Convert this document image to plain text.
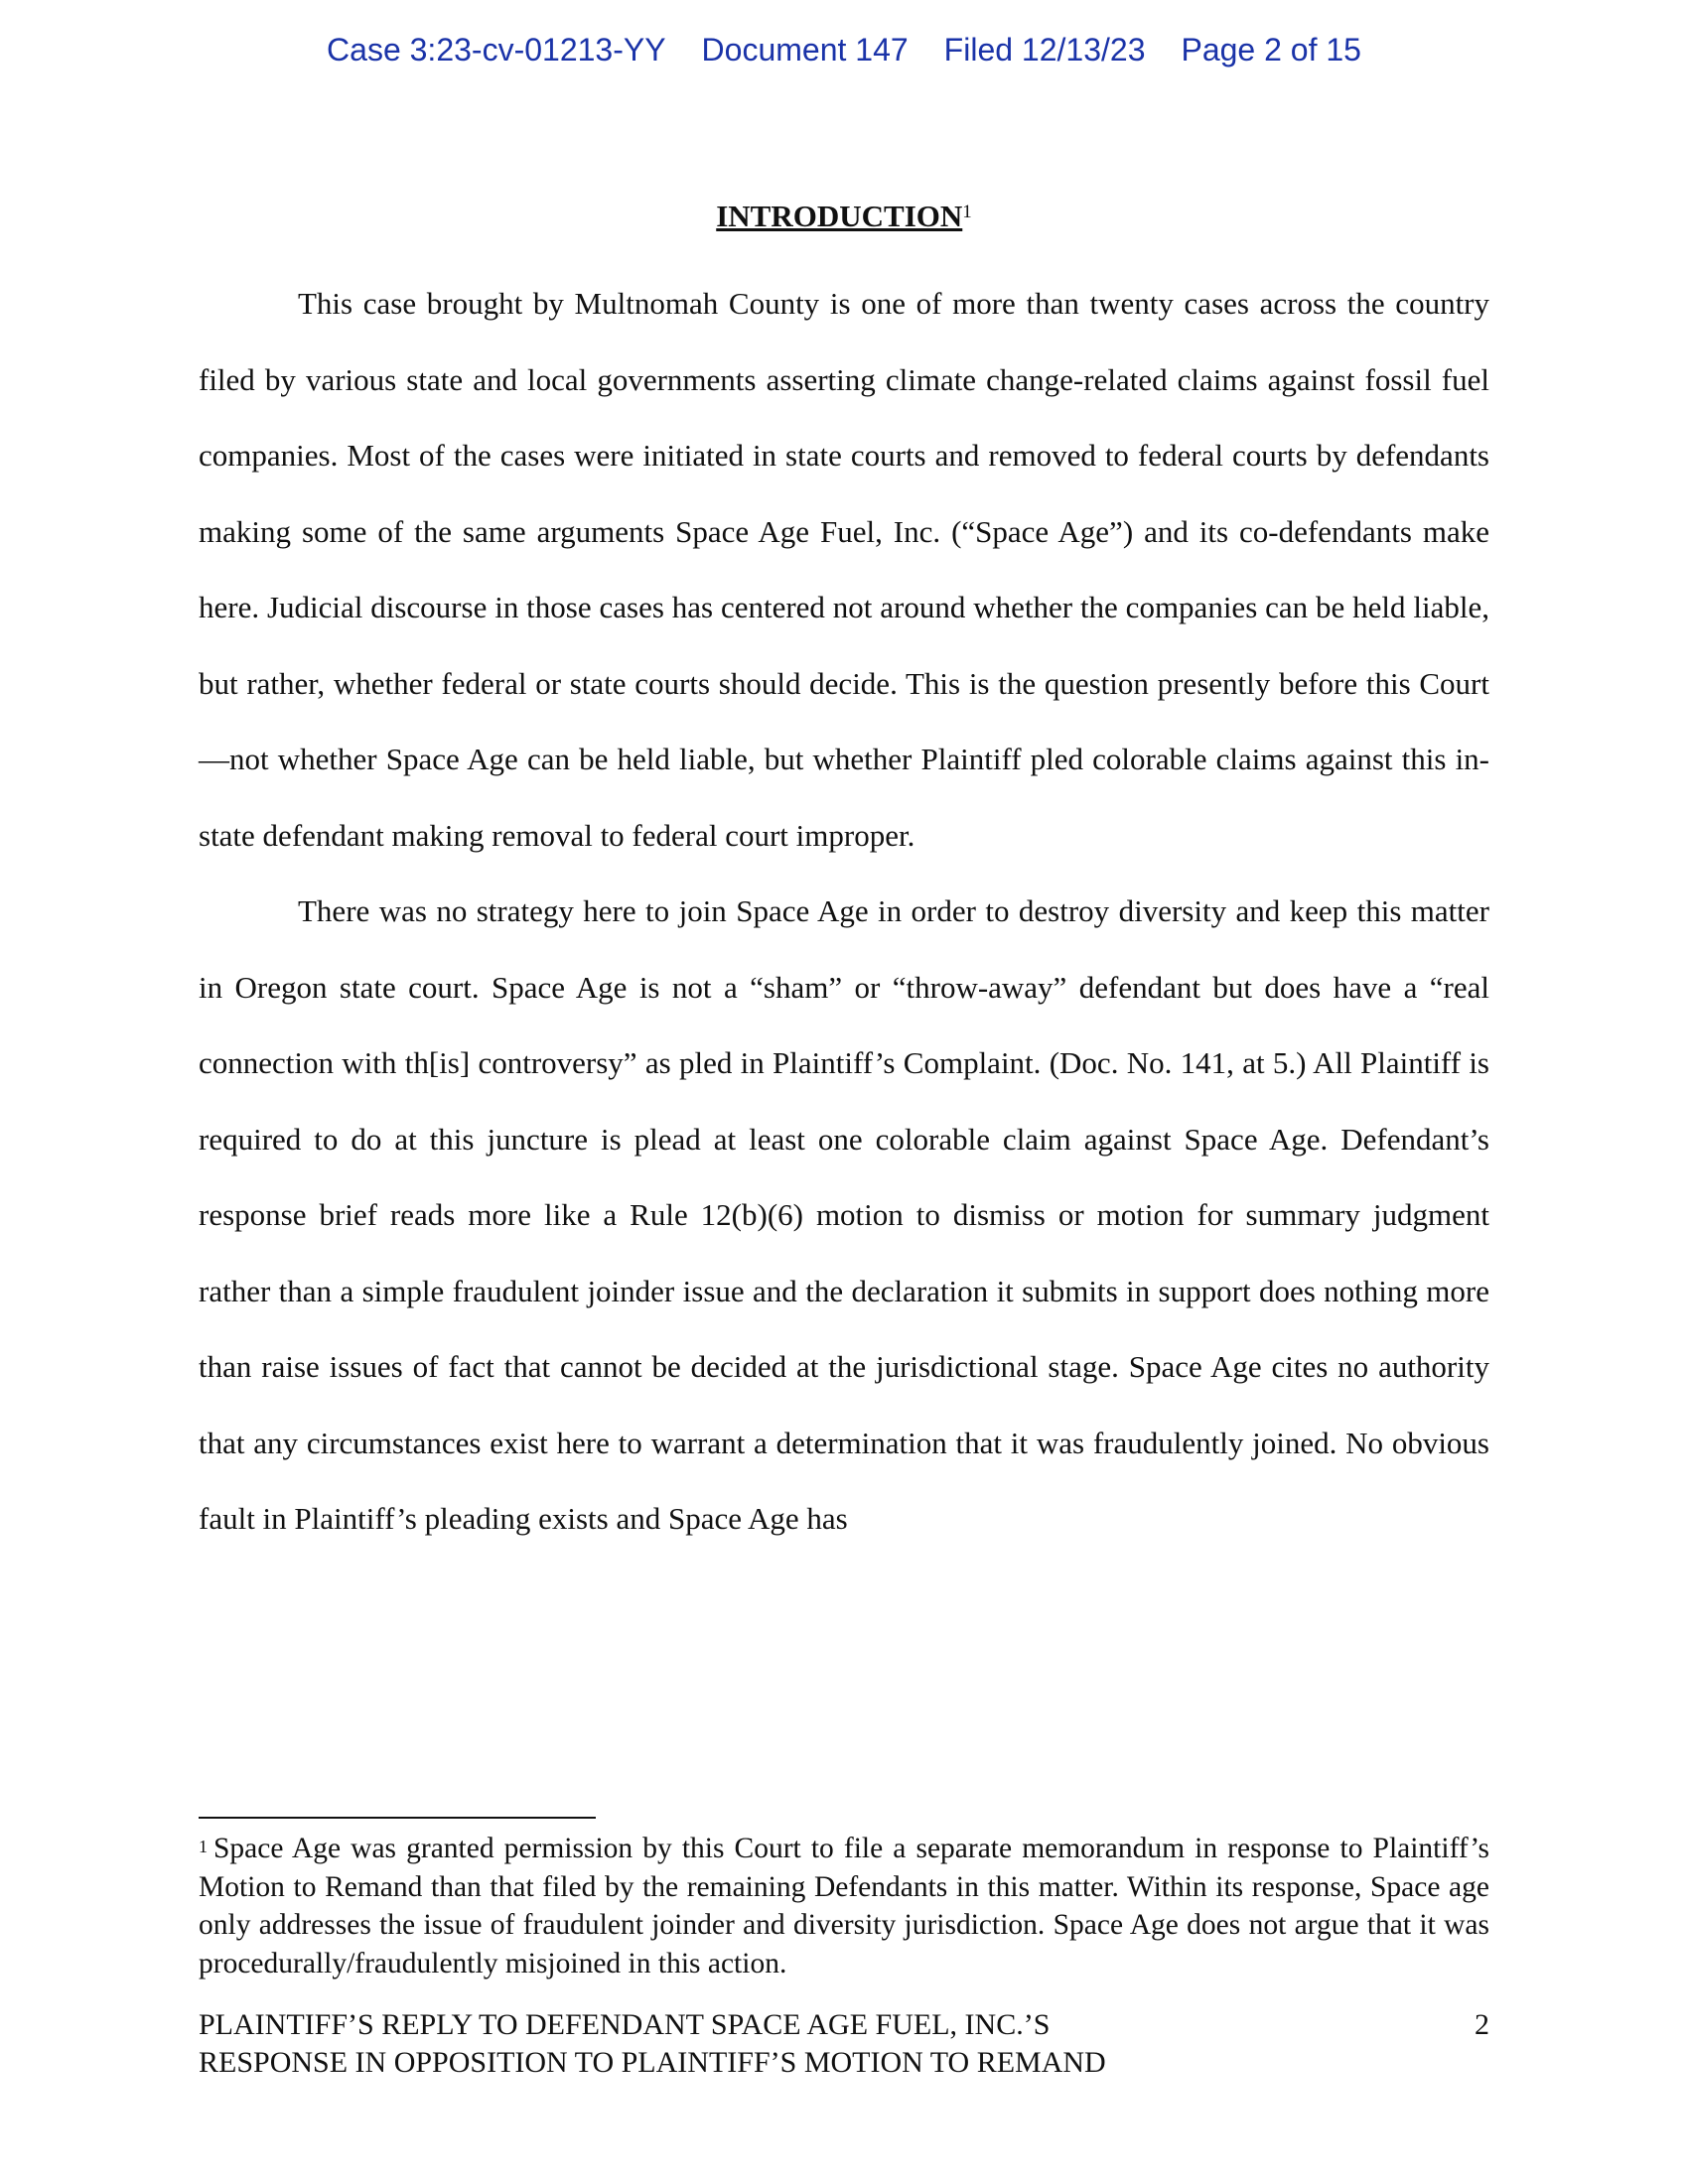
Case 3:23-cv-01213-YY Document 147 Filed 12/13/23 Page 2 of 15
INTRODUCTION$^1$

This case brought by Multnomah County is one of more than twenty cases across the country filed by various state and local governments asserting climate change-related claims against fossil fuel companies. Most of the cases were initiated in state courts and removed to federal courts by defendants making some of the same arguments Space Age Fuel, Inc. (“Space Age”) and its co-defendants make here. Judicial discourse in those cases has centered not around whether the companies can be held liable, but rather, whether federal or state courts should decide. This is the question presently before this Court—not whether Space Age can be held liable, but whether Plaintiff pled colorable claims against this in-state defendant making removal to federal court improper.

There was no strategy here to join Space Age in order to destroy diversity and keep this matter in Oregon state court. Space Age is not a “sham” or “throw-away” defendant but does have a “real connection with th[is] controversy” as pled in Plaintiff’s Complaint. (Doc. No. 141, at 5.) All Plaintiff is required to do at this juncture is plead at least one colorable claim against Space Age. Defendant’s response brief reads more like a Rule 12(b)(6) motion to dismiss or motion for summary judgment rather than a simple fraudulent joinder issue and the declaration it submits in support does nothing more than raise issues of fact that cannot be decided at the jurisdictional stage. Space Age cites no authority that any circumstances exist here to warrant a determination that it was fraudulently joined. No obvious fault in Plaintiff’s pleading exists and Space Age has

$^1$ Space Age was granted permission by this Court to file a separate memorandum in response to Plaintiff’s Motion to Remand than that filed by the remaining Defendants in this matter. Within its response, Space age only addresses the issue of fraudulent joinder and diversity jurisdiction. Space Age does not argue that it was procedurally/fraudulently misjoined in this action.
PLAINTIFF’S REPLY TO DEFENDANT SPACE AGE FUEL, INC.’S
RESPONSE IN OPPOSITION TO PLAINTIFF’S MOTION TO REMAND
2
